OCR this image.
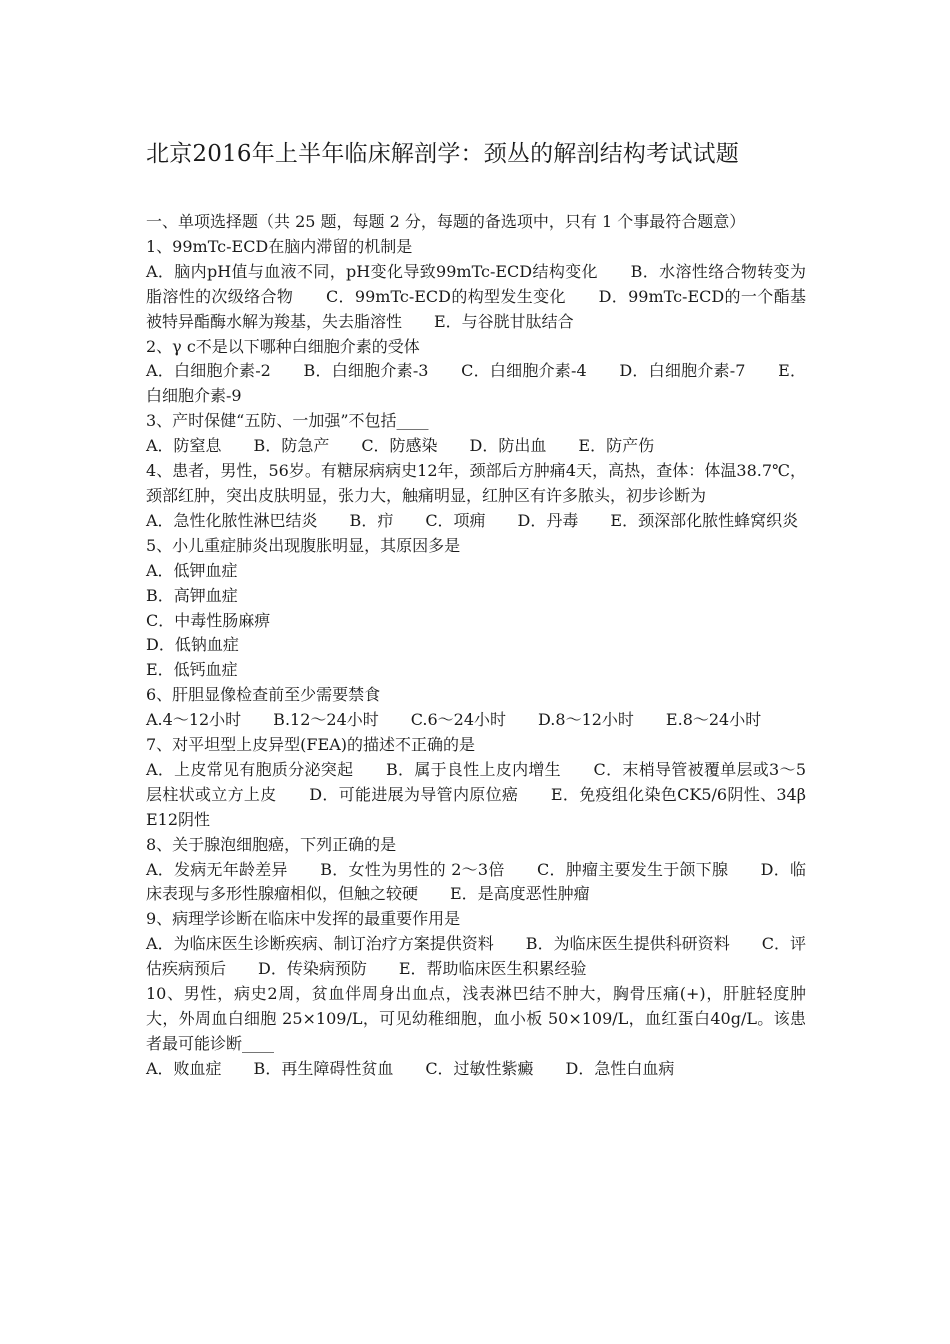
北京2016年上半年临床解剖学：颈丛的解剖结构考试试题

一、单项选择题（共 25 题，每题 2 分，每题的备选项中，只有 1 个事最符合题意）

1、99mTc-ECD在脑内滞留的机制是

A．脑内pH值与血液不同，pH变化导致99mTc-ECD结构变化　　B．水溶性络合物转变为脂溶性的次级络合物　　C．99mTc-ECD的构型发生变化　　D．99mTc-ECD的一个酯基被特异酯酶水解为羧基，失去脂溶性　　E．与谷胱甘肽结合

2、γ c不是以下哪种白细胞介素的受体

A．白细胞介素-2　　B．白细胞介素-3　　C．白细胞介素-4　　D．白细胞介素-7　　E．白细胞介素-9

3、产时保健“五防、一加强”不包括____

A．防窒息　　B．防急产　　C．防感染　　D．防出血　　E．防产伤

4、患者，男性，56岁。有糖尿病病史12年，颈部后方肿痛4天，高热，查体：体温38.7℃，颈部红肿，突出皮肤明显，张力大，触痛明显，红肿区有许多脓头，初步诊断为

A．急性化脓性淋巴结炎　　B．疖　　C．项痈　　D．丹毒　　E．颈深部化脓性蜂窝织炎

5、小儿重症肺炎出现腹胀明显，其原因多是

A．低钾血症

B．高钾血症

C．中毒性肠麻痹

D．低钠血症

E．低钙血症

6、肝胆显像检查前至少需要禁食

A.4～12小时　　B.12～24小时　　C.6～24小时　　D.8～12小时　　E.8～24小时

7、对平坦型上皮异型(FEA)的描述不正确的是

A．上皮常见有胞质分泌突起　　B．属于良性上皮内增生　　C．末梢导管被覆单层或3～5层柱状或立方上皮　　D．可能进展为导管内原位癌　　E．免疫组化染色CK5/6阴性、34β E12阴性

8、关于腺泡细胞癌，下列正确的是

A．发病无年龄差异　　B．女性为男性的 2～3倍　　C．肿瘤主要发生于颌下腺　　D．临床表现与多形性腺瘤相似，但触之较硬　　E．是高度恶性肿瘤

9、病理学诊断在临床中发挥的最重要作用是

A．为临床医生诊断疾病、制订治疗方案提供资料　　B．为临床医生提供科研资料　　C．评估疾病预后　　D．传染病预防　　E．帮助临床医生积累经验

10、男性，病史2周，贫血伴周身出血点，浅表淋巴结不肿大，胸骨压痛(+)，肝脏轻度肿大，外周血白细胞 25×109/L，可见幼稚细胞，血小板 50×109/L，血红蛋白40g/L。该患者最可能诊断____

A．败血症　　B．再生障碍性贫血　　C．过敏性紫癜　　D．急性白血病
